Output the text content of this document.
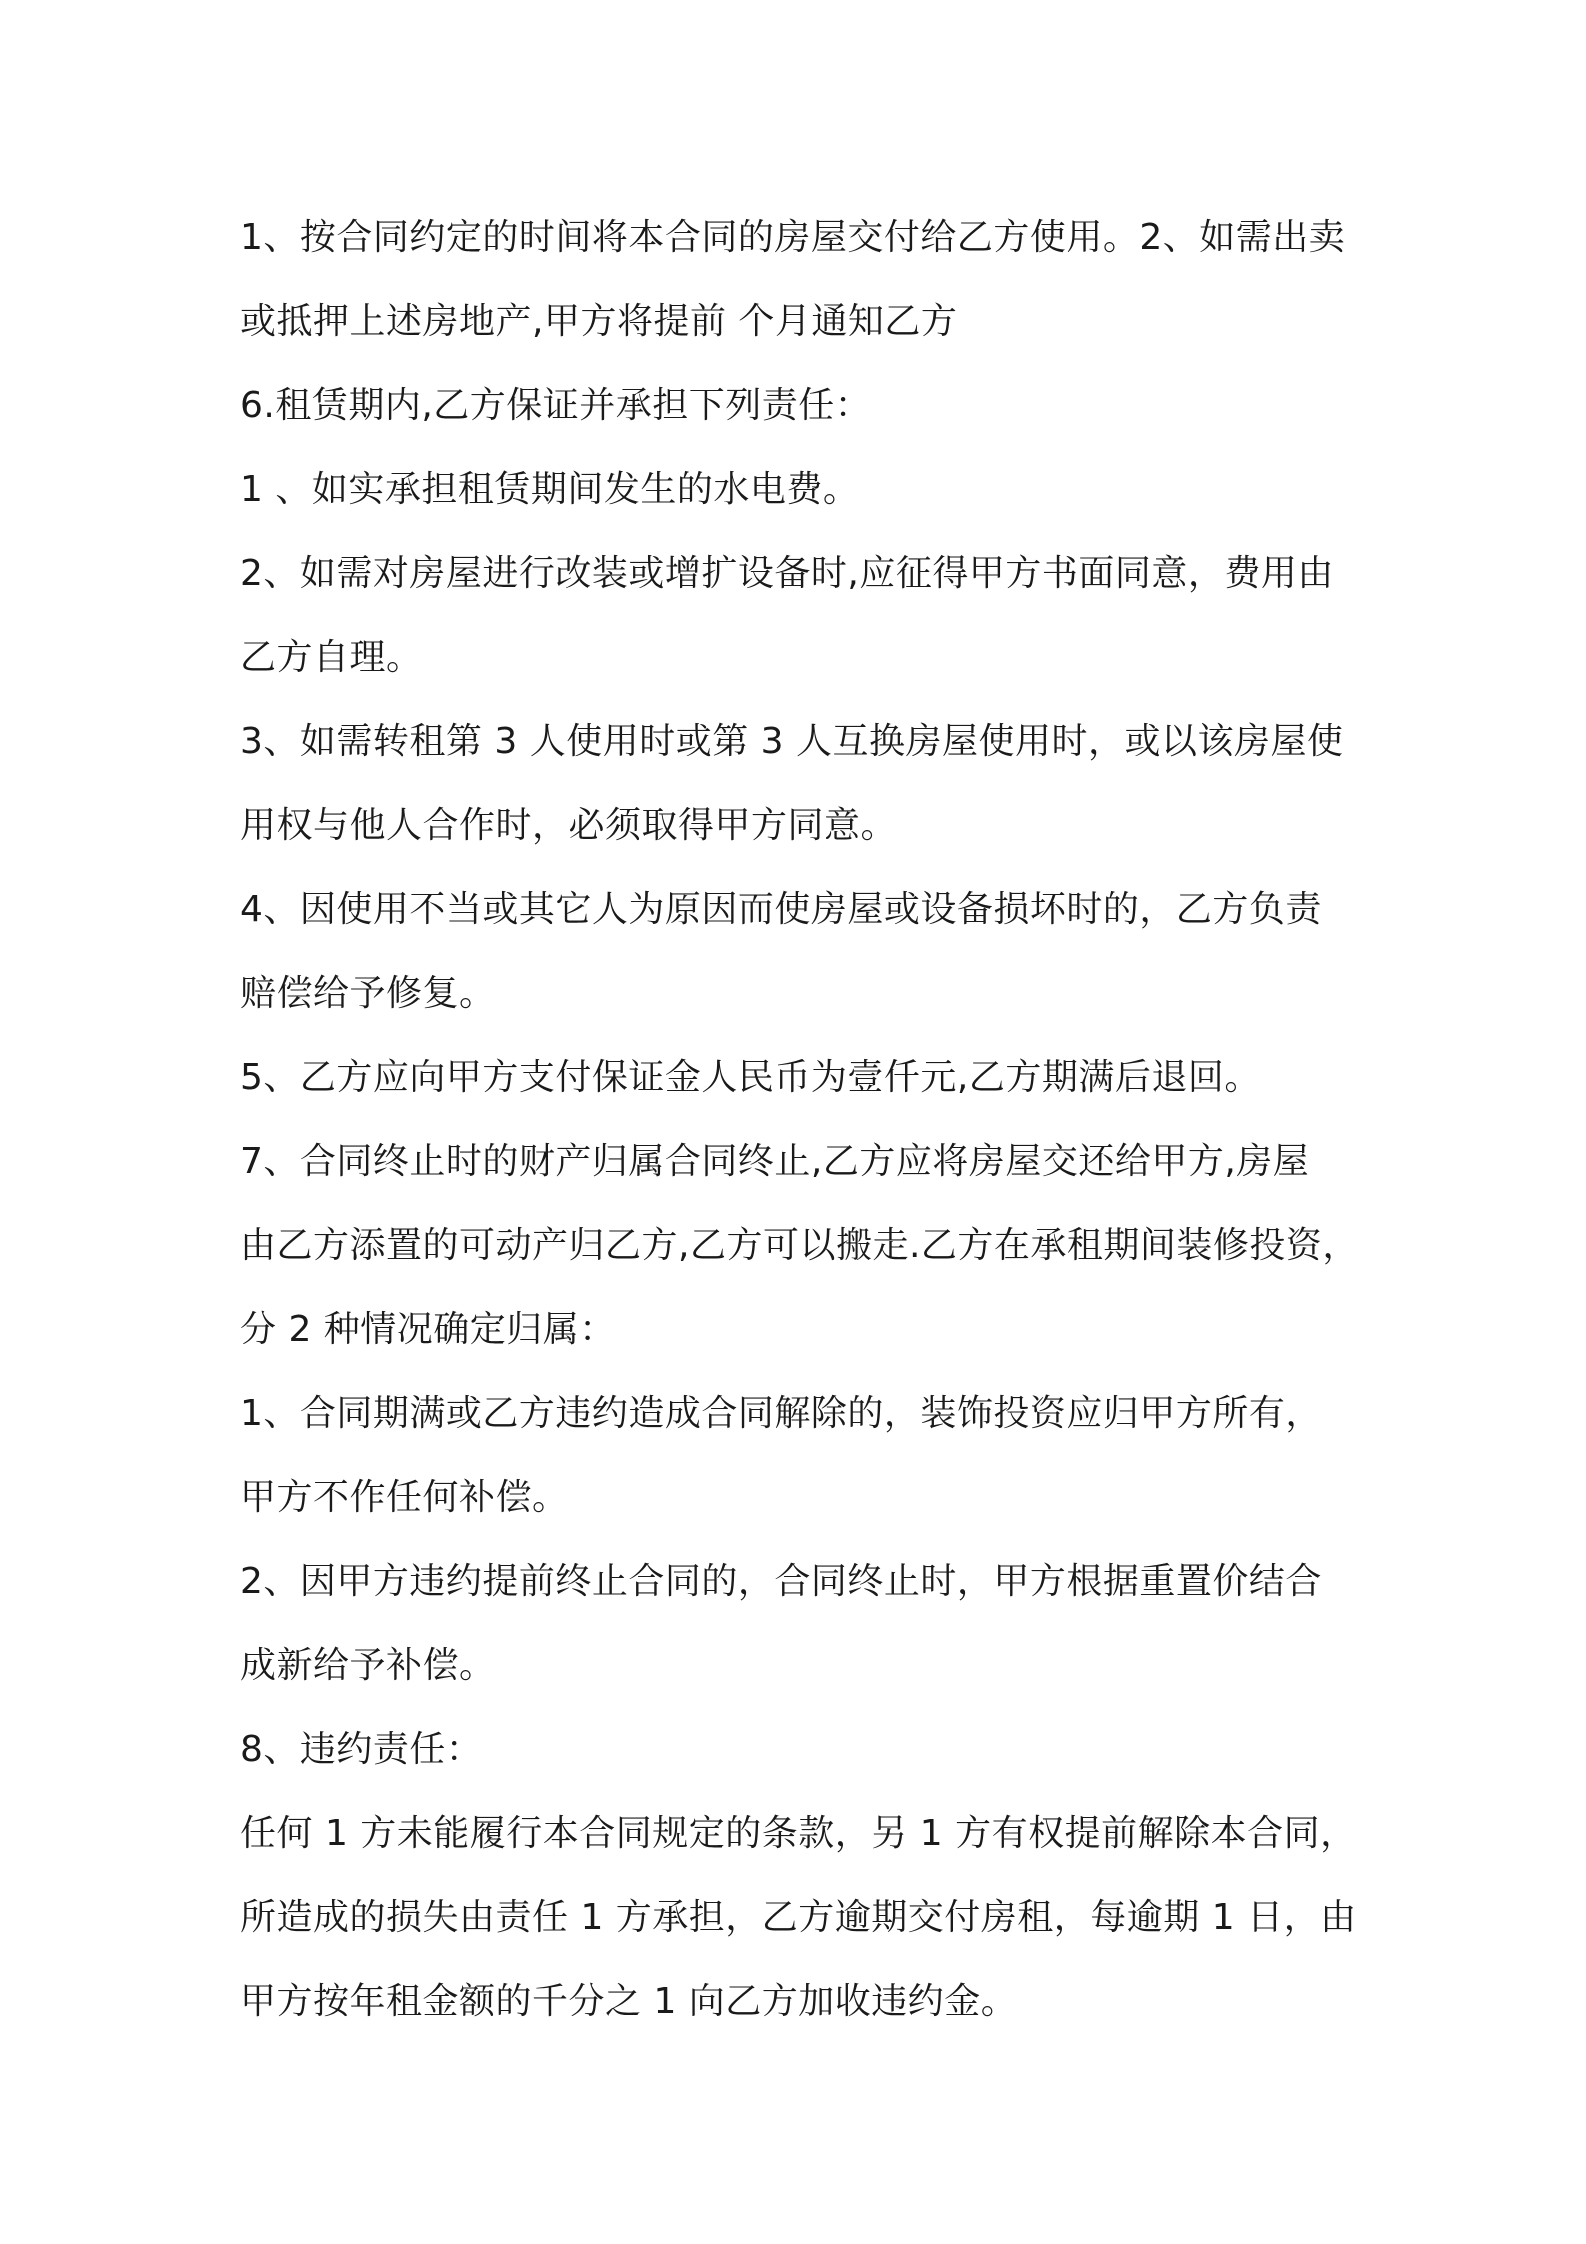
1、按合同约定的时间将本合同的房屋交付给乙方使用。2、如需出卖
或抵押上述房地产,甲方将提前 个月通知乙方
6.租赁期内,乙方保证并承担下列责任：
1 、如实承担租赁期间发生的水电费。
2、如需对房屋进行改装或增扩设备时,应征得甲方书面同意，费用由
乙方自理。
3、如需转租第 3 人使用时或第 3 人互换房屋使用时，或以该房屋使
用权与他人合作时，必须取得甲方同意。
4、因使用不当或其它人为原因而使房屋或设备损坏时的，乙方负责
赔偿给予修复。
5、乙方应向甲方支付保证金人民币为壹仟元,乙方期满后退回。
7、合同终止时的财产归属合同终止,乙方应将房屋交还给甲方,房屋
由乙方添置的可动产归乙方,乙方可以搬走.乙方在承租期间装修投资，
分 2 种情况确定归属：
1、合同期满或乙方违约造成合同解除的，装饰投资应归甲方所有，
甲方不作任何补偿。
2、因甲方违约提前终止合同的，合同终止时，甲方根据重置价结合
成新给予补偿。
8、违约责任：
任何 1 方未能履行本合同规定的条款，另 1 方有权提前解除本合同，
所造成的损失由责任 1 方承担，乙方逾期交付房租，每逾期 1 日，由
甲方按年租金额的千分之 1 向乙方加收违约金。
